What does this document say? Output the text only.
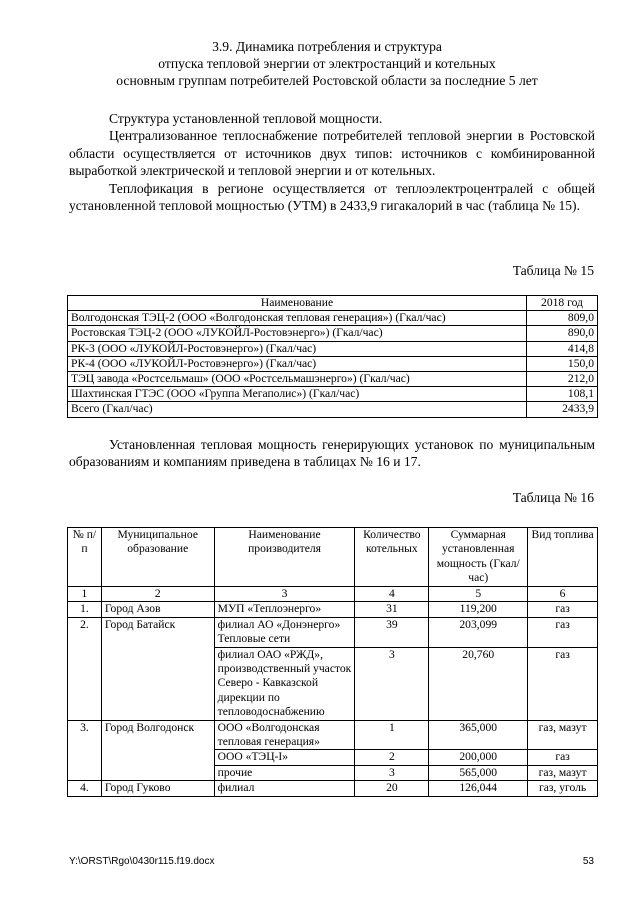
3.9. Динамика потребления и структура
отпуска тепловой энергии от электростанций и котельных
основным группам потребителей Ростовской области за последние 5 лет
Структура установленной тепловой мощности.
Централизованное теплоснабжение потребителей тепловой энергии в Ростовской области осуществляется от источников двух типов: источников с комбинированной выработкой электрической и тепловой энергии и от котельных.
Теплофикация в регионе осуществляется от теплоэлектроцентралей с общей установленной тепловой мощностью (УТМ) в 2433,9 гигакалорий в час (таблица № 15).
Таблица № 15
Наименование	2018 год
Волгодонская ТЭЦ-2 (ООО «Волгодонская тепловая генерация») (Гкал/час)	809,0
Ростовская ТЭЦ-2 (ООО «ЛУКОЙЛ-Ростовэнерго») (Гкал/час)	890,0
РК-3 (ООО «ЛУКОЙЛ-Ростовэнерго») (Гкал/час)	414,8
РК-4 (ООО «ЛУКОЙЛ-Ростовэнерго») (Гкал/час)	150,0
ТЭЦ завода «Ростсельмаш» (ООО «Ростсельмашэнерго») (Гкал/час)	212,0
Шахтинская ГТЭС (ООО «Группа Мегаполис») (Гкал/час)	108,1
Всего (Гкал/час)	2433,9
Установленная тепловая мощность генерирующих установок по муниципальным образованиям и компаниям приведена в таблицах № 16 и 17.
Таблица № 16
№ п/п	Муниципальное образование	Наименование производителя	Количество котельных	Суммарная установленная мощность (Гкал/час)	Вид топлива
1	2	3	4	5	6
1.	Город Азов	МУП «Теплоэнерго»	31	119,200	газ
2.	Город Батайск	филиал АО «Донэнерго» Тепловые сети	39	203,099	газ
		филиал ОАО «РЖД», производственный участок Северо - Кавказской дирекции по тепловодоснабжению	3	20,760	газ
3.	Город Волгодонск	ООО «Волгодонская тепловая генерация»	1	365,000	газ, мазут
		ООО «ТЭЦ-I»	2	200,000	газ
		прочие	3	565,000	газ, мазут
4.	Город Гуково	филиал	20	126,044	газ, уголь
Y:\ORST\Rgo\0430r115.f19.docx	53
